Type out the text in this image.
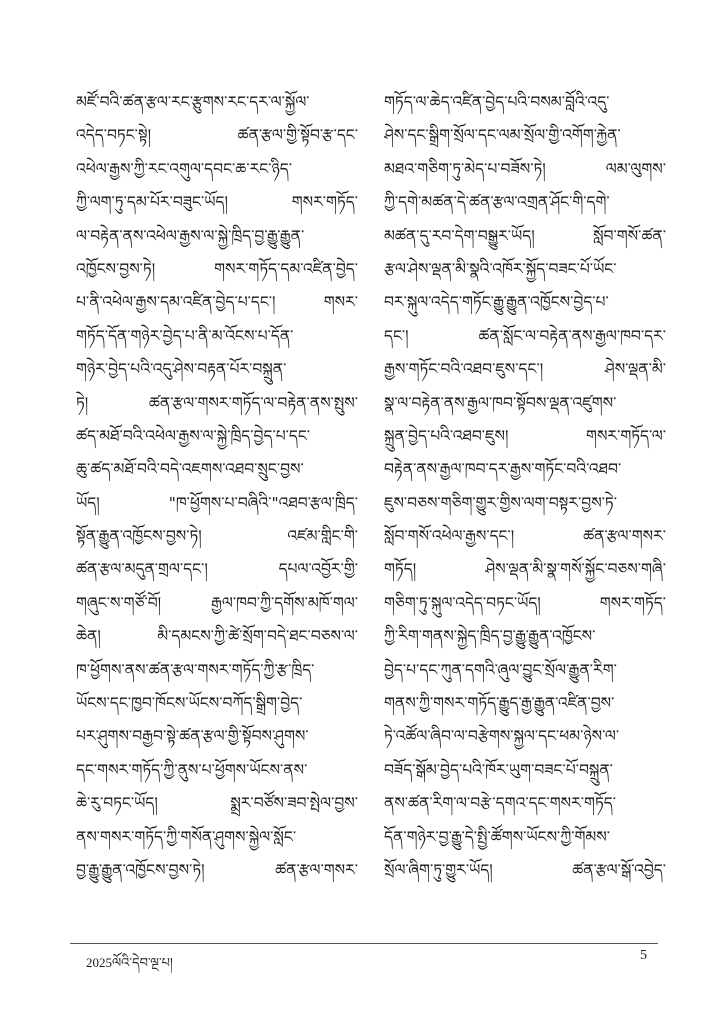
མཛོ་བའི་ཚན་རྩལ་རང་རྩུགས་རང་དར་ལ་སྐྱོལ་
འདེད་བཏང་སྟེ། ཚན་རྩལ་གྱི་སྟོབ་རྩ་དང་
འཕེལ་རྒྱས་ཀྱི་རང་འགུལ་དབང་ཆ་རང་ཉིད་
ཀྱི་ལག་ཏུ་དམ་པོར་བཟུང་ཡོད། གསར་གཏོད་
ལ་བརྟེན་ནས་འཕེལ་རྒྱས་ལ་སྐྱེ་ཁྲིད་བྱ་རྒྱུ་རྒྱུན་
འཁྱོངས་བྱས་ཏེ། གསར་གཏོད་དམ་འཛིན་བྱེད་
པ་ནི་འཕེལ་རྒྱས་དམ་འཛིན་བྱེད་པ་དང་། གསར་
གཏོད་དོན་གཉེར་བྱེད་པ་ནི་མ་འོངས་པ་དོན་
གཉེར་བྱེད་པའི་འདུ་ཤེས་བརྟན་པོར་བསྐྲུན་
ཏེ། ཚན་རྩལ་གསར་གཏོད་ལ་བརྟེན་ནས་སྤུས་
ཚད་མཐོ་བའི་འཕེལ་རྒྱས་ལ་སྐྱེ་ཁྲིད་བྱེད་པ་དང་
ཆུ་ཚད་མཐོ་བའི་བདེ་འཇགས་འཐབ་སྲུང་བྱས་
ཡོད། "ཁ་ཕྱོགས་པ་བཞིའི་"འཐབ་རྩལ་ཁྲིད་
སྟོན་རྒྱུན་འཁྱོངས་བྱས་ཏེ། འཛམ་གླིང་གི་
ཚན་རྩལ་མདུན་གྲལ་དང་། དཔལ་འབྱོར་གྱི་
གཞུང་ས་གཙོ་བོ། རྒྱལ་ཁབ་ཀྱི་དགོས་མཁོ་གལ་
ཆེན། མི་དམངས་ཀྱི་ཚེ་སྲོག་བདེ་ཐང་བཅས་ལ་
ཁ་ཕྱོགས་ནས་ཚན་རྩལ་གསར་གཏོད་ཀྱི་རྩ་ཁྲིད་
ཡོངས་དང་ཁྱབ་ཁོངས་ཡོངས་བཀོད་སྒྲིག་བྱེད་
པར་ཤུགས་བརྒྱབ་སྟེ་ཚན་རྩལ་གྱི་སྟོབས་ཤུགས་
དང་གསར་གཏོད་ཀྱི་ནུས་པ་ཕྱོགས་ཡོངས་ནས་
ཆེ་རུ་བཏང་ཡོད། སྨྲར་བཙོས་ཟབ་སྤེལ་བྱས་
ནས་གསར་གཏོད་ཀྱི་གསོན་ཤུགས་སྐྱེལ་སློང་
བྱ་རྒྱུ་རྒྱུན་འཁྱོངས་བྱས་ཏེ། ཚན་རྩལ་གསར་
གཏོད་ལ་ཆེད་འཛིན་བྱེད་པའི་བསམ་བློའི་འདུ་
ཤེས་དང་སྒྲིག་སྲོལ་དང་ལམ་སྲོལ་གྱི་འགོག་རྐྱེན་
མཐའ་གཅིག་ཏུ་མེད་པ་བཟོས་ཏེ། ལམ་ལུགས་
ཀྱི་དགེ་མཚན་དེ་ཚན་རྩལ་འགྲན་ཤོང་གི་དགེ་
མཚན་དུ་རབ་དེག་བསྒྱུར་ཡོད། སློབ་གསོ་ཚན་
རྩལ་ཤེས་ལྡན་མི་སྣའི་འཁོར་སྐྱོད་བཟང་པོ་ཡོང་
བར་སྐུལ་འདེད་གཏོང་རྒྱུ་རྒྱུན་འཁྱོངས་བྱེད་པ་
དང་། ཚན་སློང་ལ་བརྟེན་ནས་རྒྱལ་ཁབ་དར་
རྒྱས་གཏོང་བའི་འཐབ་ཇུས་དང་། ཤེས་ལྡན་མི་
སྣ་ལ་བརྟེན་ནས་རྒྱལ་ཁབ་སྟོབས་ལྡན་འཛུགས་
སྐྲུན་བྱེད་པའི་འཐབ་ཇུས། གསར་གཏོད་ལ་
བརྟེན་ནས་རྒྱལ་ཁབ་དར་རྒྱས་གཏོང་བའི་འཐབ་
ཇུས་བཅས་གཅིག་གྱུར་གྱིས་ལག་བསྟར་བྱས་ཏེ་
སློབ་གསོ་འཕེལ་རྒྱས་དང་། ཚན་རྩལ་གསར་
གཏོད། ཤེས་ལྡན་མི་སྣ་གསོ་སྐྱོང་བཅས་གཞི་
གཅིག་ཏུ་སྐུལ་འདེད་བཏང་ཡོད། གསར་གཏོད་
ཀྱི་རིག་གནས་སྐྱེད་ཁྲིད་བྱ་རྒྱུ་རྒྱུན་འཁྱོངས་
བྱེད་པ་དང་ཀུན་དགའི་ཞུལ་བྱུང་སྲོལ་རྒྱུན་རིག་
གནས་ཀྱི་གསར་གཏོད་རྒྱུད་རྒྱ་རྒྱུན་འཛིན་བྱས་
ཏེ་འཚོལ་ཞིབ་ལ་བརྩེགས་སྐྱལ་དང་ཕམ་ཉེས་ལ་
བཟོད་སྒོམ་བྱེད་པའི་ཁོར་ཡུག་བཟང་པོ་བསྐྲུན་
ནས་ཚན་རིག་ལ་བརྩེ་དགའ་དང་གསར་གཏོད་
དོན་གཉེར་བྱ་རྒྱུ་དེ་སྤྱི་ཚོགས་ཡོངས་ཀྱི་གོམས་
སྲོལ་ཞིག་ཏུ་གྱུར་ཡོད། ཚན་རྩལ་སྒོ་འབྱེད་
2025ལོའི་དེབ་ལྔ་པ།	5
